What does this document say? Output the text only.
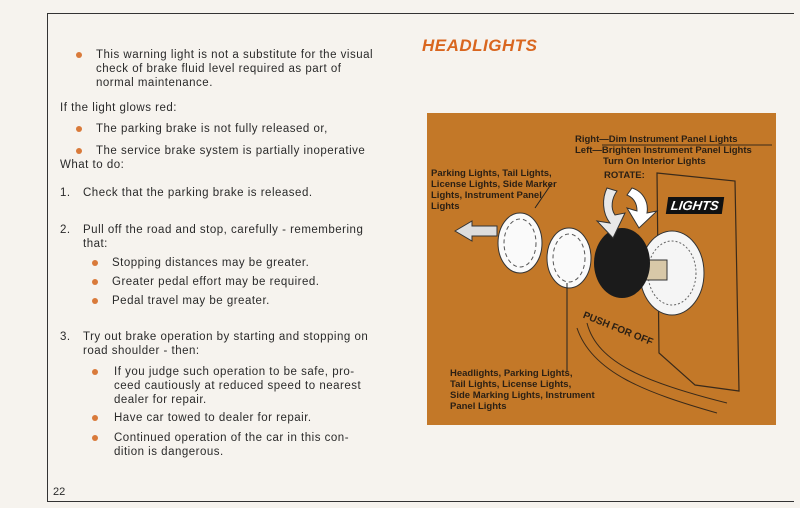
This warning light is not a substitute for the visual
check of brake fluid level required as part of
normal maintenance.
If the light glows red:
The parking brake is not fully released or,
The service brake system is partially inoperative
What to do:
1. Check that the parking brake is released.
2. Pull off the road and stop, carefully - remembering
that:
Stopping distances may be greater.
Greater pedal effort may be required.
Pedal travel may be greater.
3. Try out brake operation by starting and stopping on
road shoulder - then:
If you judge such operation to be safe, pro-
ceed cautiously at reduced speed to nearest
dealer for repair.
Have car towed to dealer for repair.
Continued operation of the car in this con-
dition is dangerous.
HEADLIGHTS
Right—Dim Instrument Panel Lights
Left—Brighten Instrument Panel Lights
Turn On Interior Lights
ROTATE:
Parking Lights, Tail Lights,
License Lights, Side Marker
Lights, Instrument Panel
Lights	LIGHTS
PUSH FOR OFF
Headlights, Parking Lights,
Tail Lights, License Lights,
Side Marking Lights, Instrument
Panel Lights
22
